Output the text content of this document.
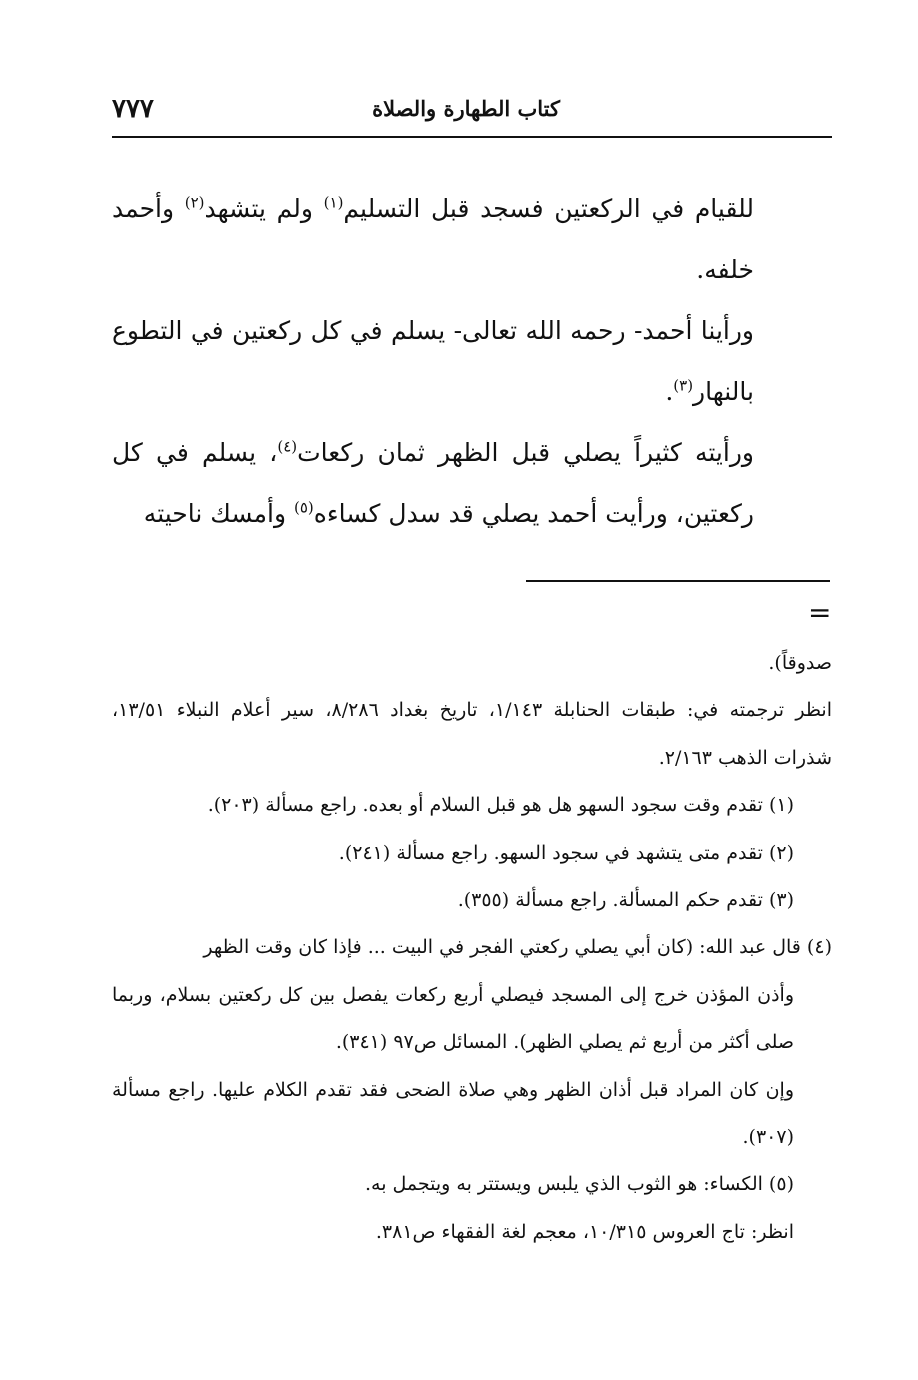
كتاب الطهارة والصلاة
٧٧٧

للقيام في الركعتين فسجد قبل التسليم$^{(١)}$ ولم يتشهد$^{(٢)}$ وأحمد خلفه.

ورأينا أحمد- رحمه الله تعالى- يسلم في كل ركعتين في التطوع بالنهار$^{(٣)}$.

ورأيته كثيراً يصلي قبل الظهر ثمان ركعات$^{(٤)}$، يسلم في كل ركعتين، ورأيت أحمد يصلي قد سدل كساءه$^{(٥)}$ وأمسك ناحيته

=
صدوقاً).
انظر ترجمته في: طبقات الحنابلة ١/١٤٣، تاريخ بغداد ٨/٢٨٦، سير أعلام النبلاء ١٣/٥١، شذرات الذهب ٢/١٦٣.
(١) تقدم وقت سجود السهو هل هو قبل السلام أو بعده. راجع مسألة (٢٠٣).
(٢) تقدم متى يتشهد في سجود السهو. راجع مسألة (٢٤١).
(٣) تقدم حكم المسألة. راجع مسألة (٣٥٥).
(٤) قال عبد الله: (كان أبي يصلي ركعتي الفجر في البيت ... فإذا كان وقت الظهر
وأذن المؤذن خرج إلى المسجد فيصلي أربع ركعات يفصل بين كل ركعتين بسلام، وربما صلى أكثر من أربع ثم يصلي الظهر). المسائل ص٩٧ (٣٤١).
وإن كان المراد قبل أذان الظهر وهي صلاة الضحى فقد تقدم الكلام عليها. راجع مسألة (٣٠٧).
(٥) الكساء: هو الثوب الذي يلبس ويستتر به ويتجمل به.
انظر: تاج العروس ١٠/٣١٥، معجم لغة الفقهاء ص٣٨١.
